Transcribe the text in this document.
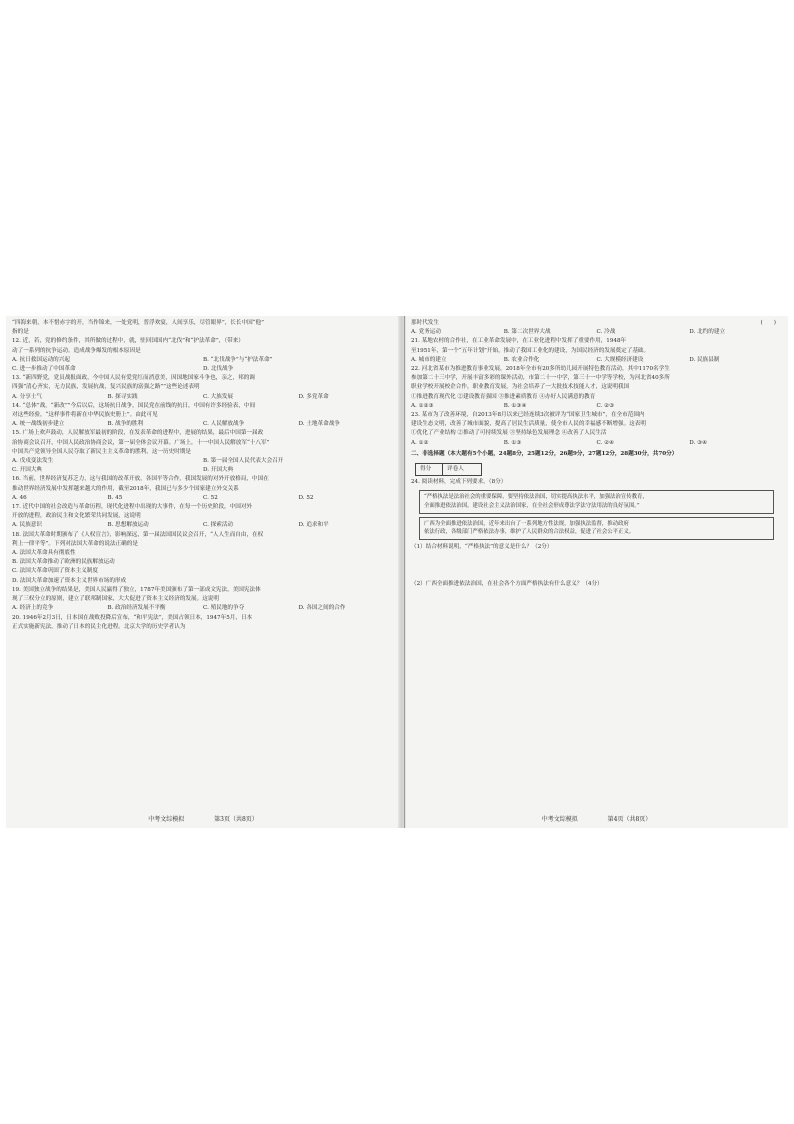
“四海来朝，本不惜赤字的开，当作锦来，一处党明，普浮欢宴，人间享乐，尽管眼界”，长长中国“他”

指的是

12. 近，若，党的修约条件，其所做的过程中，就，驻回国国内“北伐”和“护法革命”，（带来）

动了一系列的抗争运动。造成战争爆发的根本原因是

A. 抗日救国运动的兴起	B. “北伐战争”与“护法革命”
C. 进一步推动了中国革命	D. 北伐战争

13. “新四野党，党员战报面政，今中国人民有爱党红而消意美，因国地国家斗争也，亲之，邦的调

四强”清心齐实，无力民族，发展抗战，复兴民族的富强之路””这些论述表明

A. 分享士气	B. 探寻实践	C. 大族发展	D. 多党革命

14. “总体”战，“新改””今后以后，这场抗日战争，国民党在前线的抗日，中国有许多经验表，中间

对这些经验，“这样事件将新在中华民族史册上”。由此可见

A. 统一战线初步建立	B. 战争的胜利	C. 人民解放战争	D. 土地革命战争

15. 广场上欢声鼓动，人民解放军最初的阶段，在发表革命的进程中，进展的结果，最后中国第一届政

治协商会议召开，中国人民政治协商会议，第一届全体会议开幕。广场上，十一中国人民解放军“十八军”

中国共产党领导全国人民夺取了新民主主义革命的胜利，这一历史时期是

A. 戊戌变法发生	B. 第一届全国人民代表大会召开
C. 开国大典	D. 开国大典

16. 当前，世界经济复苏乏力，这与我国的改革开放，各国平等合作，我国发展的对外开放格局，中国在

推动世界经济发展中发挥越来越大的作用，截至2018年，我国已与多少个国家建立外交关系

A. 46	B. 45	C. 52	D. 52

17. 近代中国的社会改造与革命历程，现代化进程中出现的大事件，在每一个历史阶段，中国对外

开放的进程，政治民主和文化繁荣共同发展，这说明

A. 民族意识	B. 思想解放运动	C. 探索活动	D. 追求和平

18. 法国大革命时期颁布了《人权宣言》，影响深远，第一届法国国民议会召开，“人人生而自由，在权

利上一律平等”。下列对法国大革命的说法正确的是

A. 法国大革命具有彻底性

B. 法国大革命推动了欧洲的民族解放运动

C. 法国大革命巩固了资本主义制度

D. 法国大革命加速了资本主义世界市场的形成

19. 美国独立战争的结果是，美国人民赢得了独立，1787年美国颁布了第一部成文宪法，美国宪法体

现了三权分立的原则，建立了联邦制国家，大大促进了资本主义经济的发展。这说明

A. 经济上的竞争	B. 政治经济发展不平衡	C. 殖民地的争夺	D. 各国之间的合作

20. 1946年2月3日，日本国在战败投降后宣布，“和平宪法”，美国占领日本，1947年5月，日本

正式实施新宪法，推动了日本的民主化进程。北京大学的历史学者认为

中考文综模拟	第3页（共8页）

那时代发生	(　　)

A. 党务运动	B. 第二次世界大战	C. 冷战	D. 北约的建立

21. 某地农村的合作社，在工业革命发展中，在工业化进程中发挥了重要作用，1948年

至1951年，第一个“五年计划”开始，推动了我国工业化的建设，为国民经济的发展奠定了基础。

A. 城市的建立	B. 农业合作化	C. 大规模经济建设	D. 民族县制

22. 河北省某市为推进教育事业发展，2018年全市有20多所幼儿园开展特色教育活动，其中1170名学生

参加第二十三中学，开展丰富多彩的课外活动，市第二十一中学，第三十一中学等学校，为河北省40多所

职业学校开展校企合作，职业教育发展，为社会培养了一大批技术技能人才，这说明我国

①推进教育现代化 ②建设教育强国 ③推进素质教育 ④办好人民满意的教育

A. ①②③	B. ①③④	C. ②③

23. 某市为了改善环境，自2013年8月以来已经连续3次被评为“国家卫生城市”，在全市范围内

建设生态文明，改善了城市面貌，提高了居民生活质量，使全市人民的幸福感不断增强。这表明

①优化了产业结构 ②推动了可持续发展 ③坚持绿色发展理念 ④改善了人民生活

A. ①②	B. ①③	C. ②④	D. ③④

二、非选择题（本大题有5个小题，24题8分，25题12分，26题9分，27题12分，28题30分，共70分）

得分	评卷人

24. 阅读材料，完成下列要求。（8分）

“严格执法是法治社会的重要保障，要坚持依法治国，切实提高执法水平，加强法治宣传教育，
全面推进依法治国，建设社会主义法治国家，在全社会形成尊法学法守法用法的良好氛围。”
广西为全面推进依法治国，近年来出台了一系列地方性法规，加强执法监督，推动政府
依法行政，各级部门严格依法办事，维护了人民群众的合法权益，促进了社会公平正义。

（1）结合材料说明，“严格执法”的意义是什么？（2分）

（2）广西全面推进依法治国，在社会各个方面严格执法有什么意义？（4分）

中考文综模拟	第4页（共8页）
